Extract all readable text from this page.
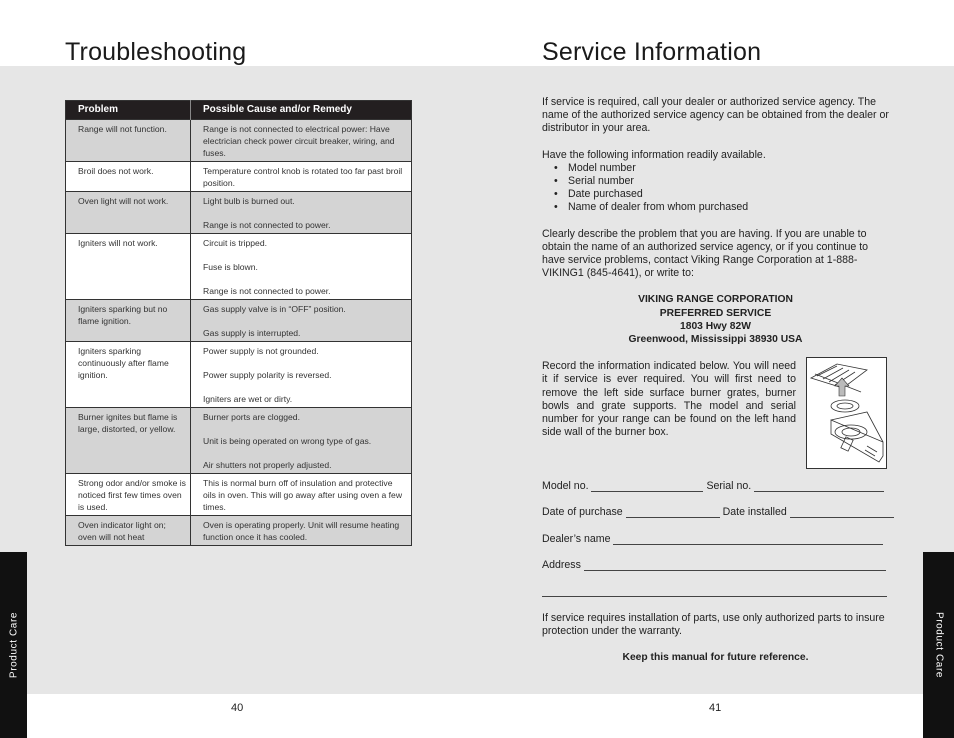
Troubleshooting
Problem	Possible Cause and/or Remedy
Range will not function.	Range is not connected to electrical power: Have electrician check power circuit breaker, wiring, and fuses.

Broil does not work.	Temperature control knob is rotated too far past broil position.

Oven light will not work.	Light bulb is burned out.
Range is not connected to power.

Igniters will not work.	Circuit is tripped.
Fuse is blown.
Range is not connected to power.

Igniters sparking but no flame ignition.	Gas supply valve is in “OFF” position.
Gas supply is interrupted.

Igniters sparking continuously after flame ignition.	Power supply is not grounded.
Power supply polarity is reversed.
Igniters are wet or dirty.

Burner ignites but flame is large, distorted, or yellow.	Burner ports are clogged.
Unit is being operated on wrong type of gas.
Air shutters not properly adjusted.

Strong odor and/or smoke is noticed first few times oven is used.	This is normal burn off of insulation and protective oils in oven. This will go away after using oven a few times.

Oven indicator light on; oven will not heat	Oven is operating properly. Unit will resume heating function once it has cooled.
Product Care
40
Service Information

If service is required, call your dealer or authorized service agency. The name of the authorized service agency can be obtained from the dealer or distributor in your area.

Have the following information readily available.

• Model number
• Serial number
• Date purchased
• Name of dealer from whom purchased

Clearly describe the problem that you are having. If you are unable to obtain the name of an authorized service agency, or if you continue to have service problems, contact Viking Range Corporation at 1-888-VIKING1 (845-4641), or write to:

VIKING RANGE CORPORATION
PREFERRED SERVICE
1803 Hwy 82W
Greenwood, Mississippi 38930 USA

Record the information indicated below. You will need it if service is ever required. You will first need to remove the left side surface burner grates, burner bowls and grate supports. The model and serial number for your range can be found on the left hand side wall of the burner box.

Model no.	Serial no.
Date of purchase	Date installed
Dealer’s name
Address
If service requires installation of parts, use only authorized parts to insure protection under the warranty.
Keep this manual for future reference.	Product Care
41
